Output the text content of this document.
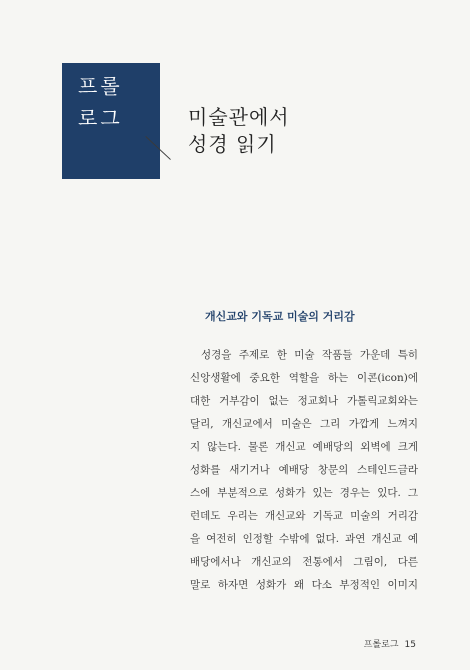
프롤
로그	미술관에서
성경 읽기
개신교와 기독교 미술의 거리감
성경을 주제로 한 미술 작품들 가운데 특히
신앙생활에 중요한 역할을 하는 이콘(icon)에
대한 거부감이 없는 정교회나 가톨릭교회와는
달리, 개신교에서 미술은 그리 가깝게 느껴지
지 않는다. 물론 개신교 예배당의 외벽에 크게
성화를 새기거나 예배당 창문의 스테인드글라
스에 부분적으로 성화가 있는 경우는 있다. 그
런데도 우리는 개신교와 기독교 미술의 거리감
을 여전히 인정할 수밖에 없다. 과연 개신교 예
배당에서나 개신교의 전통에서 그림이, 다른
말로 하자면 성화가 왜 다소 부정적인 이미지
프롤로그 15
